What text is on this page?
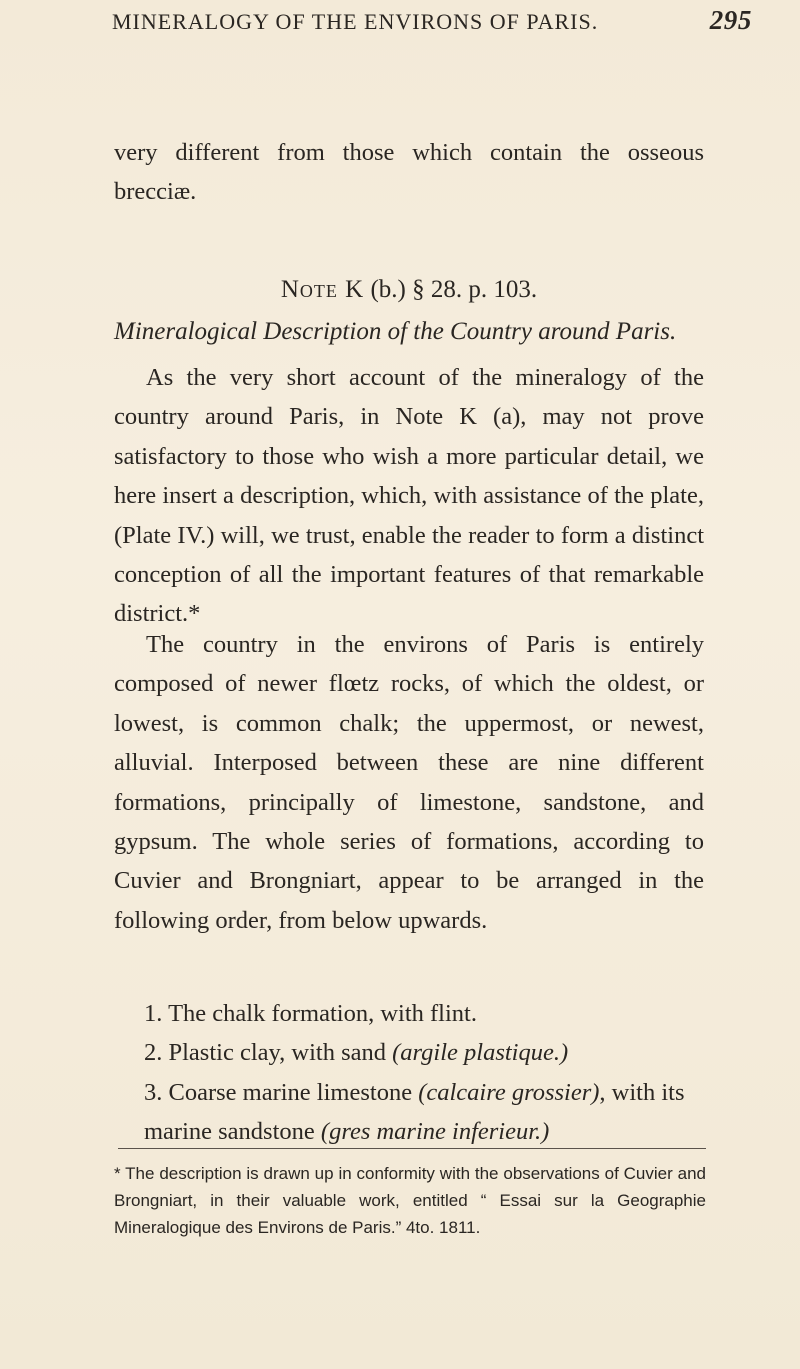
MINERALOGY OF THE ENVIRONS OF PARIS.	295
very different from those which contain the osseous brecciæ.
Note K (b.) § 28. p. 103.
Mineralogical Description of the Country around Paris.
As the very short account of the mineralogy of the country around Paris, in Note K (a), may not prove satisfactory to those who wish a more particular detail, we here insert a description, which, with assistance of the plate, (Plate IV.) will, we trust, enable the reader to form a distinct conception of all the important features of that remarkable district.*
The country in the environs of Paris is entirely composed of newer flœtz rocks, of which the oldest, or lowest, is common chalk; the uppermost, or newest, alluvial. Interposed between these are nine different formations, principally of limestone, sandstone, and gypsum. The whole series of formations, according to Cuvier and Brongniart, appear to be arranged in the following order, from below upwards.
1. The chalk formation, with flint.
2. Plastic clay, with sand (argile plastique.)
3. Coarse marine limestone (calcaire grossier), with its marine sandstone (gres marine inferieur.)
* The description is drawn up in conformity with the observations of Cuvier and Brongniart, in their valuable work, entitled “ Essai sur la Geographie Mineralogique des Environs de Paris.” 4to. 1811.
